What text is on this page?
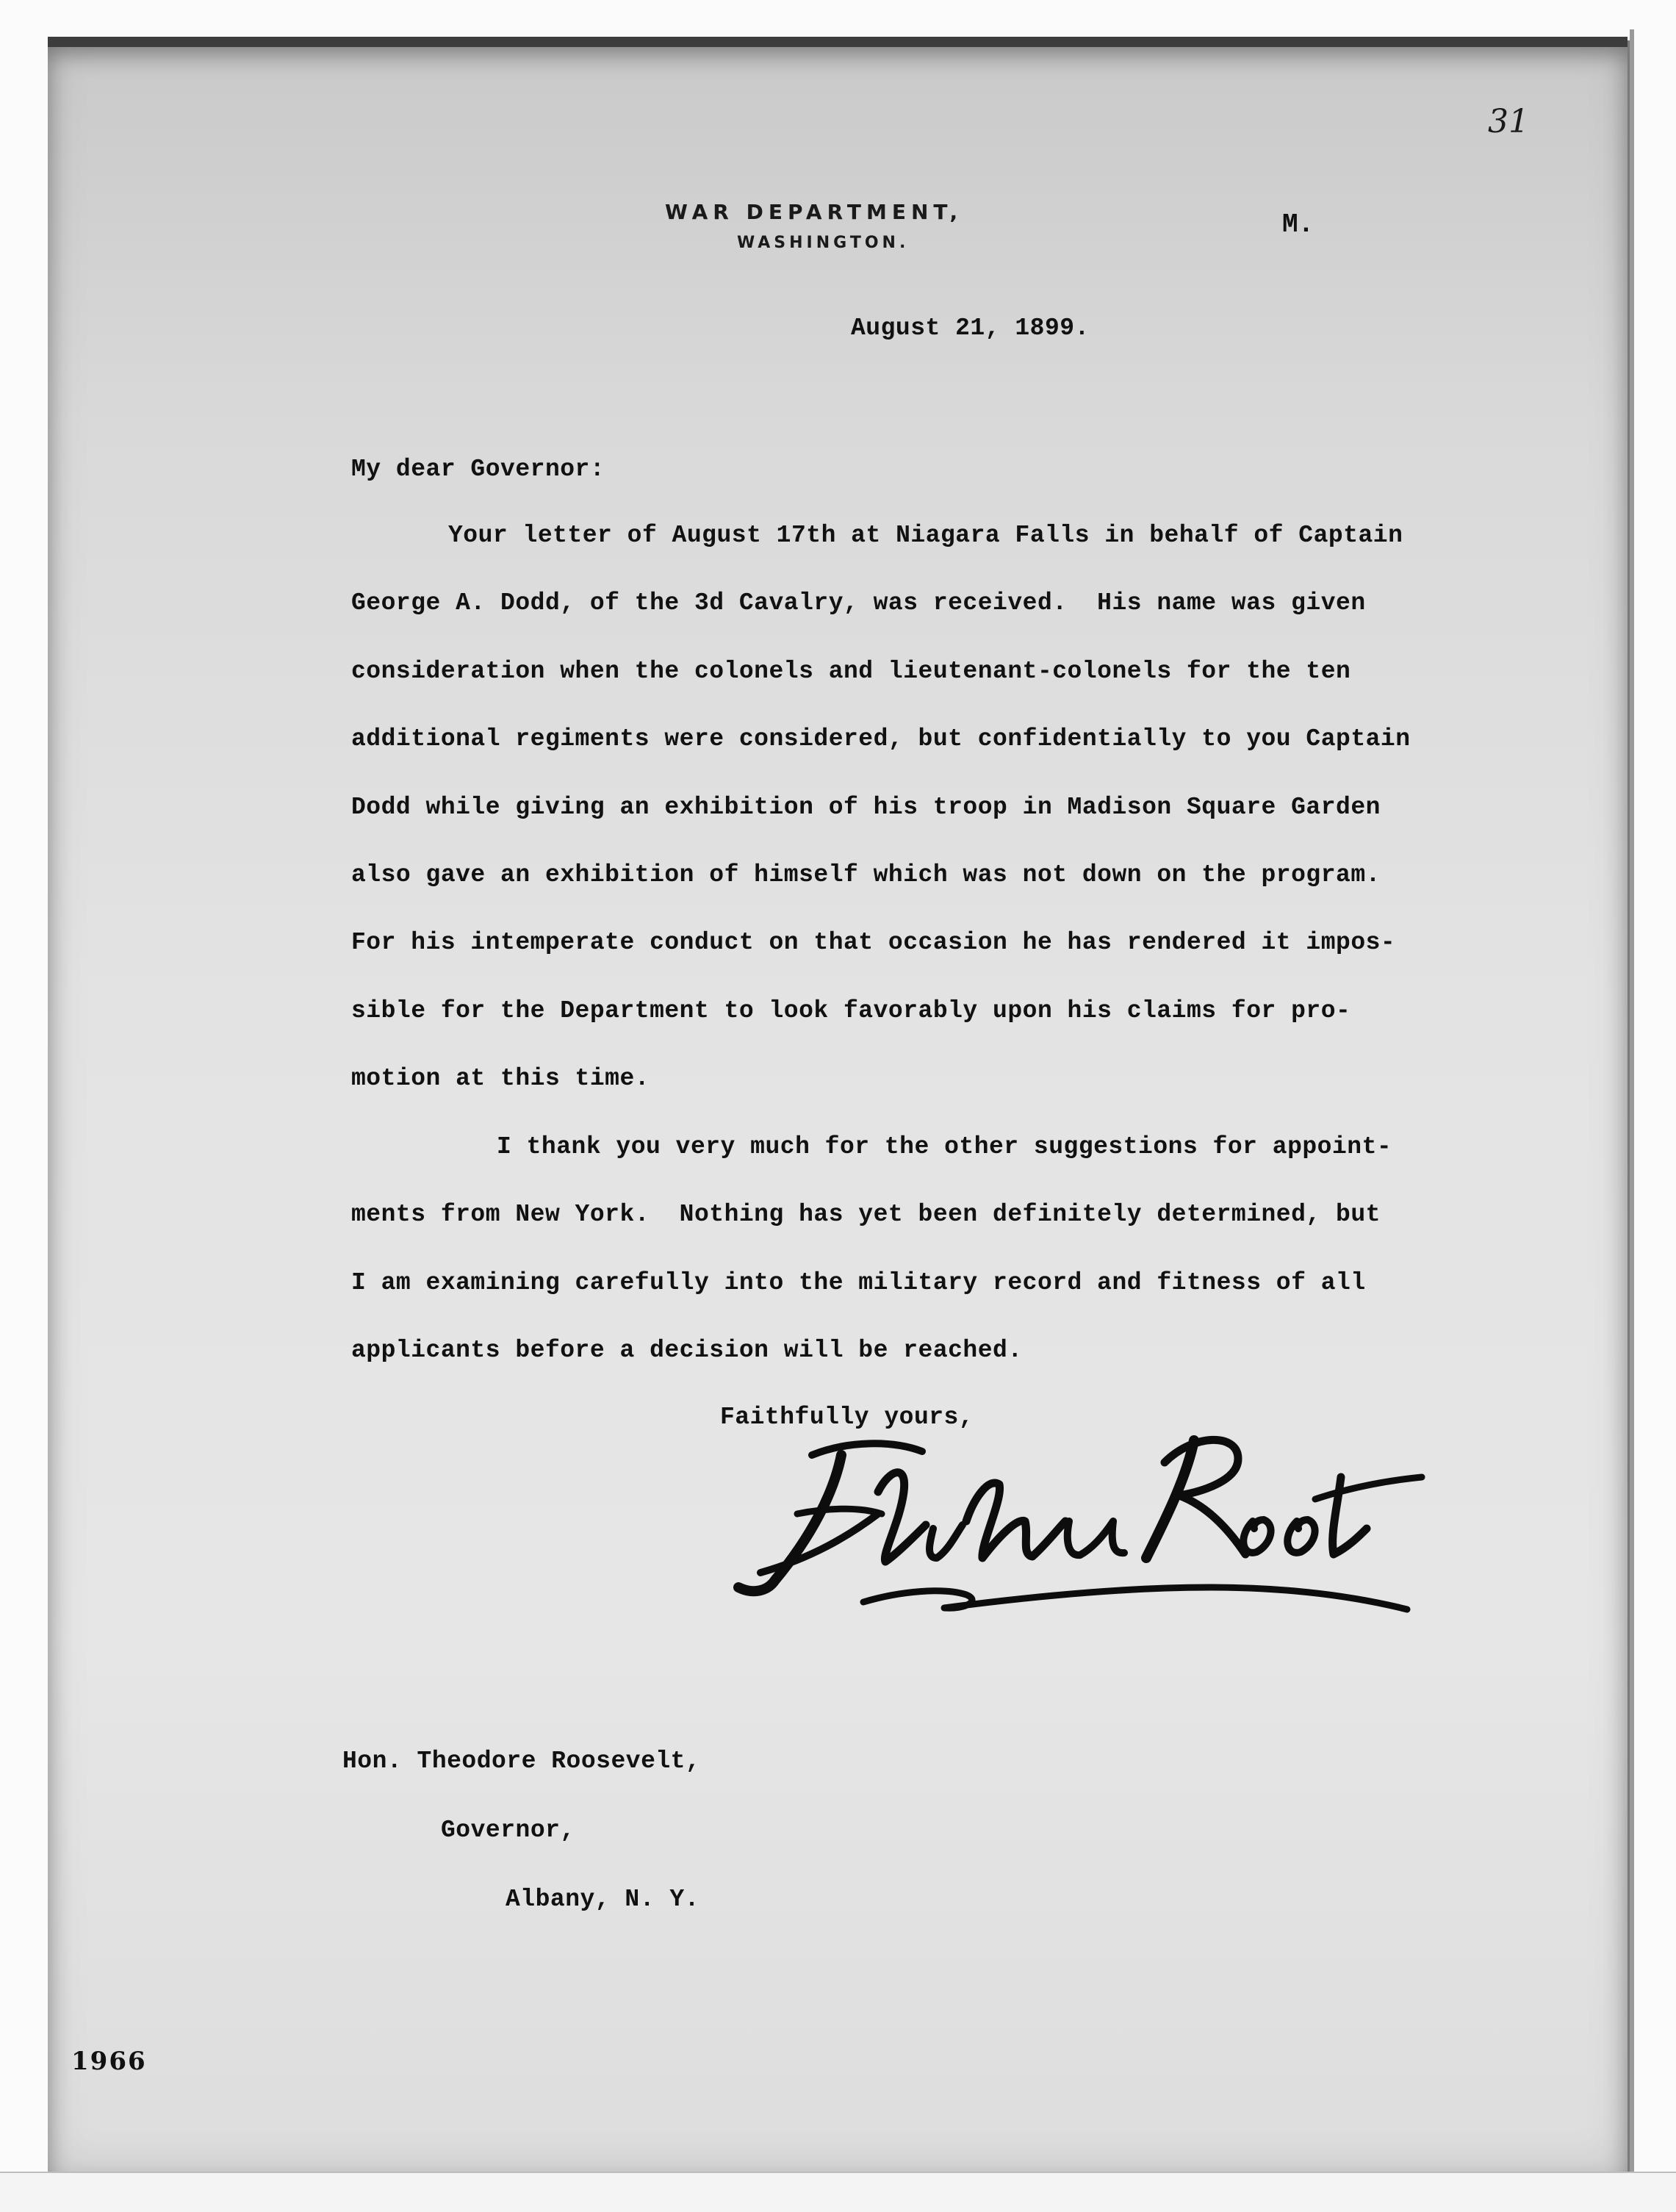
31
WAR DEPARTMENT,
WASHINGTON.
M.
August 21, 1899.
My dear Governor:
Your letter of August 17th at Niagara Falls in behalf of Captain
George A. Dodd, of the 3d Cavalry, was received.  His name was given
consideration when the colonels and lieutenant-colonels for the ten
additional regiments were considered, but confidentially to you Captain
Dodd while giving an exhibition of his troop in Madison Square Garden
also gave an exhibition of himself which was not down on the program.
For his intemperate conduct on that occasion he has rendered it impos-
sible for the Department to look favorably upon his claims for pro-
motion at this time.
I thank you very much for the other suggestions for appoint-
ments from New York.  Nothing has yet been definitely determined, but
I am examining carefully into the military record and fitness of all
applicants before a decision will be reached.
Faithfully yours,
Hon. Theodore Roosevelt,
Governor,
Albany, N. Y.
1966
